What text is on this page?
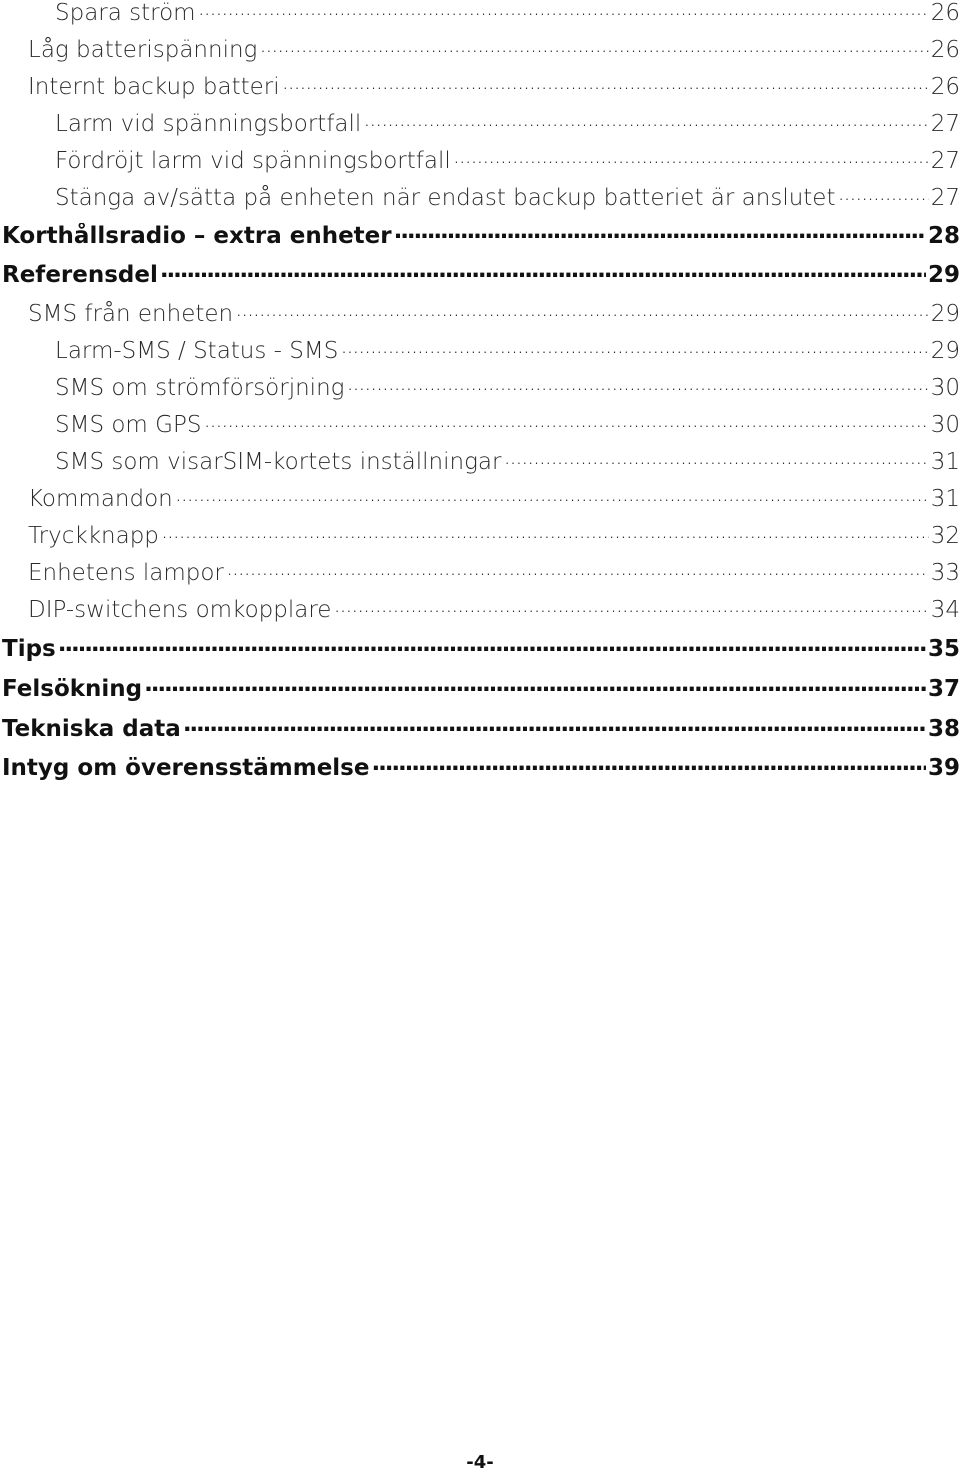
Spara ström . . .	26
Låg batterispänning . . .	26
Internt backup batteri . . .	26
Larm vid spänningsbortfall . . .	27
Fördröjt larm vid spänningsbortfall . . .	27
Stänga av/sätta på enheten när endast backup batteriet är anslutet . . .	27
Korthållsradio – extra enheter . . .	28
Referensdel . . .	29
SMS från enheten . . .	29
Larm-SMS / Status - SMS . . .	29
SMS om strömförsörjning . . .	30
SMS om GPS . . .	30
SMS som visarSIM-kortets inställningar . . .	31
Kommandon . . .	31
Tryckknapp . . .	32
Enhetens lampor . . .	33
DIP-switchens omkopplare . . .	34
Tips . . .	35
Felsökning . . .	37
Tekniska data . . .	38
Intyg om överensstämmelse . . .	39
-4-
